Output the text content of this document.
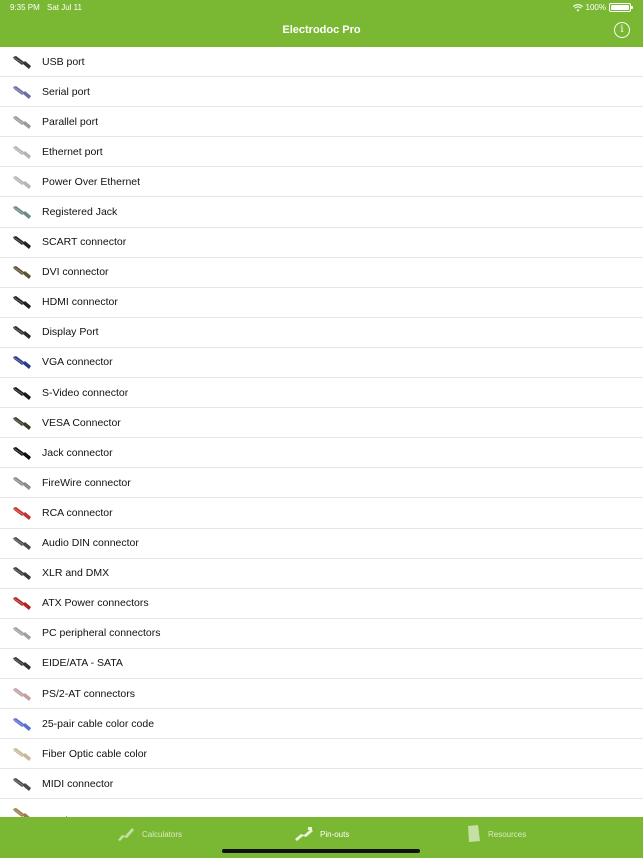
9:35 PM Sat Jul 11	100%
Electrodoc Pro	i
USB port
Serial port
Parallel port
Ethernet port
Power Over Ethernet
Registered Jack
SCART connector
DVI connector
HDMI connector
Display Port
VGA connector
S-Video connector
VESA Connector
Jack connector
FireWire connector
RCA connector
Audio DIN connector
XLR and DMX
ATX Power connectors
PC peripheral connectors
EIDE/ATA - SATA
PS/2-AT connectors
25-pair cable color code
Fiber Optic cable color
MIDI connector
Calculators	Pin-outs	Resources
